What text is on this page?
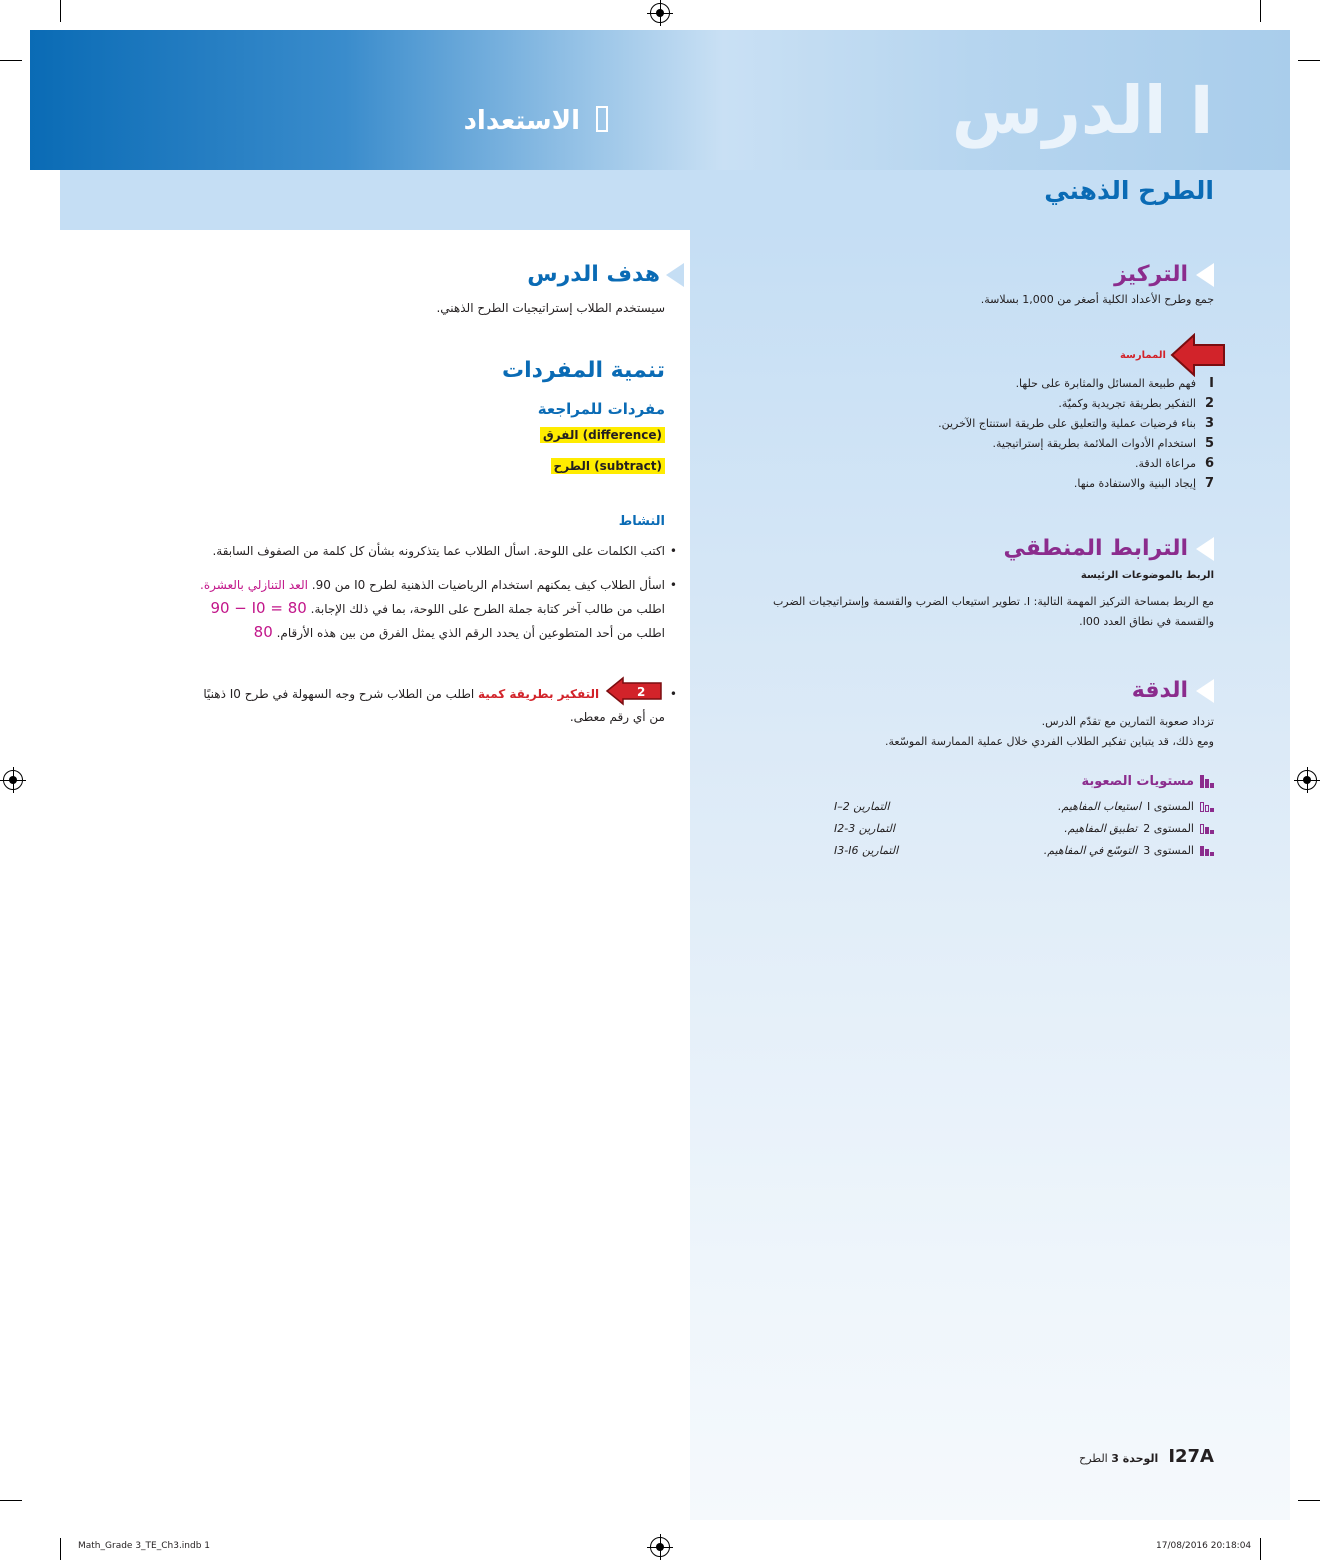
الدرس I
الاستعداد
الطرح الذهني
التركيز
جمع وطرح الأعداد الكلية أصغر من 1,000 بسلاسة.
الممارسة
I
فهم طبيعة المسائل والمثابرة على حلها.
2
التفكير بطريقة تجريدية وكميّة.
3
بناء فرضيات عملية والتعليق على طريقة استنتاج الآخرين.
5
استخدام الأدوات الملائمة بطريقة إستراتيجية.
6
مراعاة الدقة.
7
إيجاد البنية والاستفادة منها.
الترابط المنطقي
الربط بالموضوعات الرئيسة
مع الربط بمساحة التركيز المهمة التالية: I. تطوير استيعاب الضرب والقسمة وإستراتيجيات الضرب
والقسمة في نطاق العدد I00.
الدقة
تزداد صعوبة التمارين مع تقدّم الدرس.
ومع ذلك، قد يتباين تفكير الطلاب الفردي خلال عملية الممارسة الموسّعة.
مستويات الصعوبة
المستوى I
استيعاب المفاهيم.
التمارين I–2
المستوى 2
تطبيق المفاهيم.
التمارين 3-I2
المستوى 3
التوسّع في المفاهيم.
التمارين I3-I6
هدف الدرس
سيستخدم الطلاب إستراتيجيات الطرح الذهني.
تنمية المفردات
مفردات للمراجعة
الفرق (difference)
الطرح (subtract)
النشاط
•
اكتب الكلمات على اللوحة. اسأل الطلاب عما يتذكرونه بشأن كل كلمة من الصفوف السابقة.
•
اسأل الطلاب كيف يمكنهم استخدام الرياضيات الذهنية لطرح I0 من 90. العد التنازلي بالعشرة. اطلب من طالب آخر كتابة جملة الطرح على اللوحة، بما في ذلك الإجابة. 90 − I0 = 80 اطلب من أحد المتطوعين أن يحدد الرقم الذي يمثل الفرق من بين هذه الأرقام. 80
•
التفكير بطريقة كمية اطلب من الطلاب شرح وجه السهولة في طرح I0 ذهنيًا من أي رقم معطى.
2
I27A
الوحدة 3 الطرح
Math_Grade 3_TE_Ch3.indb 1	17/08/2016 20:18:04
